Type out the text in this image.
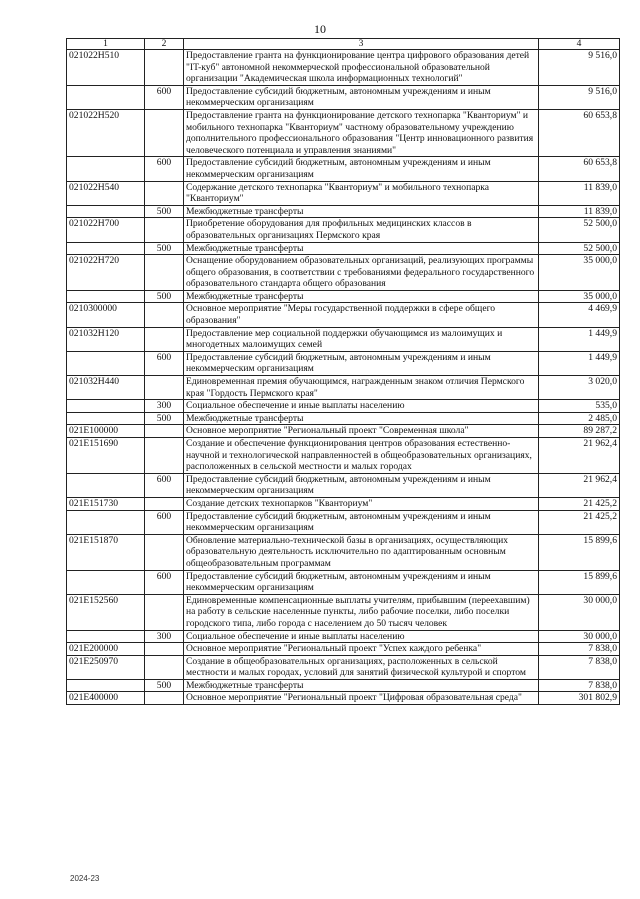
10
1	2	3	4
021022Н510		Предоставление гранта на функционирование центра цифрового образования детей "IT-куб" автономной некоммерческой профессиональной образовательной организации "Академическая школа информационных технологий"	9 516,0
	600	Предоставление субсидий бюджетным, автономным учреждениям и иным некоммерческим организациям	9 516,0
021022Н520		Предоставление гранта на функционирование детского технопарка "Кванториум" и мобильного технопарка "Кванториум" частному образовательному учреждению дополнительного профессионального образования "Центр инновационного развития человеческого потенциала и управления знаниями"	60 653,8
	600	Предоставление субсидий бюджетным, автономным учреждениям и иным некоммерческим организациям	60 653,8
021022Н540		Содержание детского технопарка "Кванториум" и мобильного технопарка "Кванториум"	11 839,0
	500	Межбюджетные трансферты	11 839,0
021022Н700		Приобретение оборудования для профильных медицинских классов в образовательных организациях Пермского края	52 500,0
	500	Межбюджетные трансферты	52 500,0
021022Н720		Оснащение оборудованием образовательных организаций, реализующих программы общего образования, в соответствии с требованиями федерального государственного образовательного стандарта общего образования	35 000,0
	500	Межбюджетные трансферты	35 000,0
0210300000		Основное мероприятие "Меры государственной поддержки в сфере общего образования"	4 469,9
021032Н120		Предоставление мер социальной поддержки обучающимся из малоимущих и многодетных малоимущих семей	1 449,9
	600	Предоставление субсидий бюджетным, автономным учреждениям и иным некоммерческим организациям	1 449,9
021032Н440		Единовременная премия обучающимся, награжденным знаком отличия Пермского края "Гордость Пермского края"	3 020,0
	300	Социальное обеспечение и иные выплаты населению	535,0
	500	Межбюджетные трансферты	2 485,0
021Е100000		Основное мероприятие "Региональный проект "Современная школа"	89 287,2
021Е151690		Создание и обеспечение функционирования центров образования естественно-научной и технологической направленностей в общеобразовательных организациях, расположенных в сельской местности и малых городах	21 962,4
	600	Предоставление субсидий бюджетным, автономным учреждениям и иным некоммерческим организациям	21 962,4
021Е151730		Создание детских технопарков "Кванториум"	21 425,2
	600	Предоставление субсидий бюджетным, автономным учреждениям и иным некоммерческим организациям	21 425,2
021Е151870		Обновление материально-технической базы в организациях, осуществляющих образовательную деятельность исключительно по адаптированным основным общеобразовательным программам	15 899,6
	600	Предоставление субсидий бюджетным, автономным учреждениям и иным некоммерческим организациям	15 899,6
021Е152560		Единовременные компенсационные выплаты учителям, прибывшим (переехавшим) на работу в сельские населенные пункты, либо рабочие поселки, либо поселки городского типа, либо города с населением до 50 тысяч человек	30 000,0
	300	Социальное обеспечение и иные выплаты населению	30 000,0
021Е200000		Основное мероприятие "Региональный проект "Успех каждого ребенка"	7 838,0
021Е250970		Создание в общеобразовательных организациях, расположенных в сельской местности и малых городах, условий для занятий физической культурой и спортом	7 838,0
	500	Межбюджетные трансферты	7 838,0
021Е400000		Основное мероприятие "Региональный проект "Цифровая образовательная среда"	301 802,9
2024-23
